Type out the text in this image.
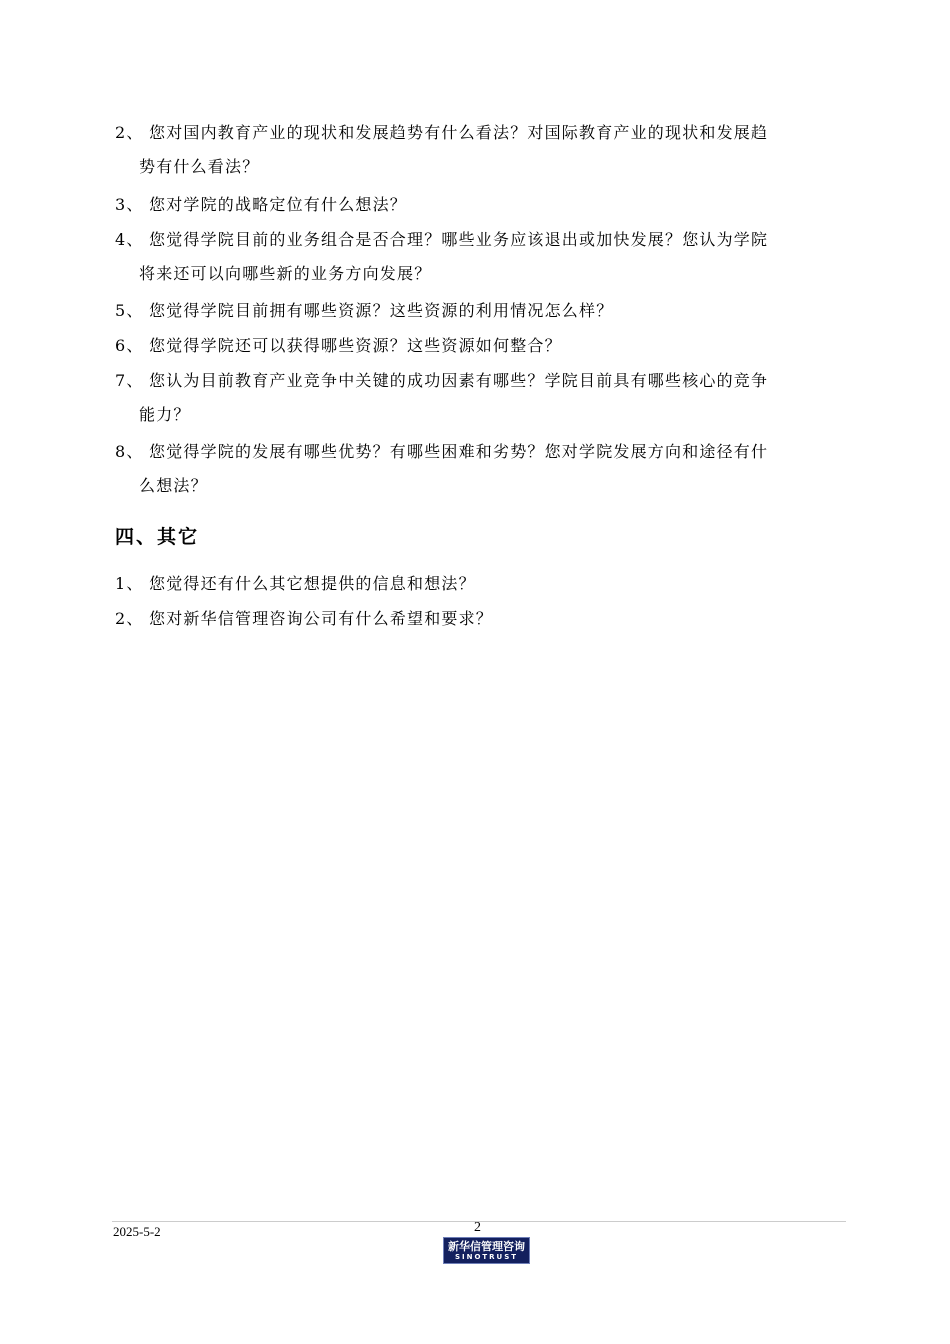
2、 您对国内教育产业的现状和发展趋势有什么看法？对国际教育产业的现状和发展趋
势有什么看法？
3、 您对学院的战略定位有什么想法？
4、 您觉得学院目前的业务组合是否合理？哪些业务应该退出或加快发展？您认为学院
将来还可以向哪些新的业务方向发展？
5、 您觉得学院目前拥有哪些资源？这些资源的利用情况怎么样？
6、 您觉得学院还可以获得哪些资源？这些资源如何整合？
7、 您认为目前教育产业竞争中关键的成功因素有哪些？学院目前具有哪些核心的竞争
能力？
8、 您觉得学院的发展有哪些优势？有哪些困难和劣势？您对学院发展方向和途径有什
么想法？
四、其它
1、 您觉得还有什么其它想提供的信息和想法？
2、 您对新华信管理咨询公司有什么希望和要求？
2025-5-2	2
新华信管理咨询
SINOTRUST
